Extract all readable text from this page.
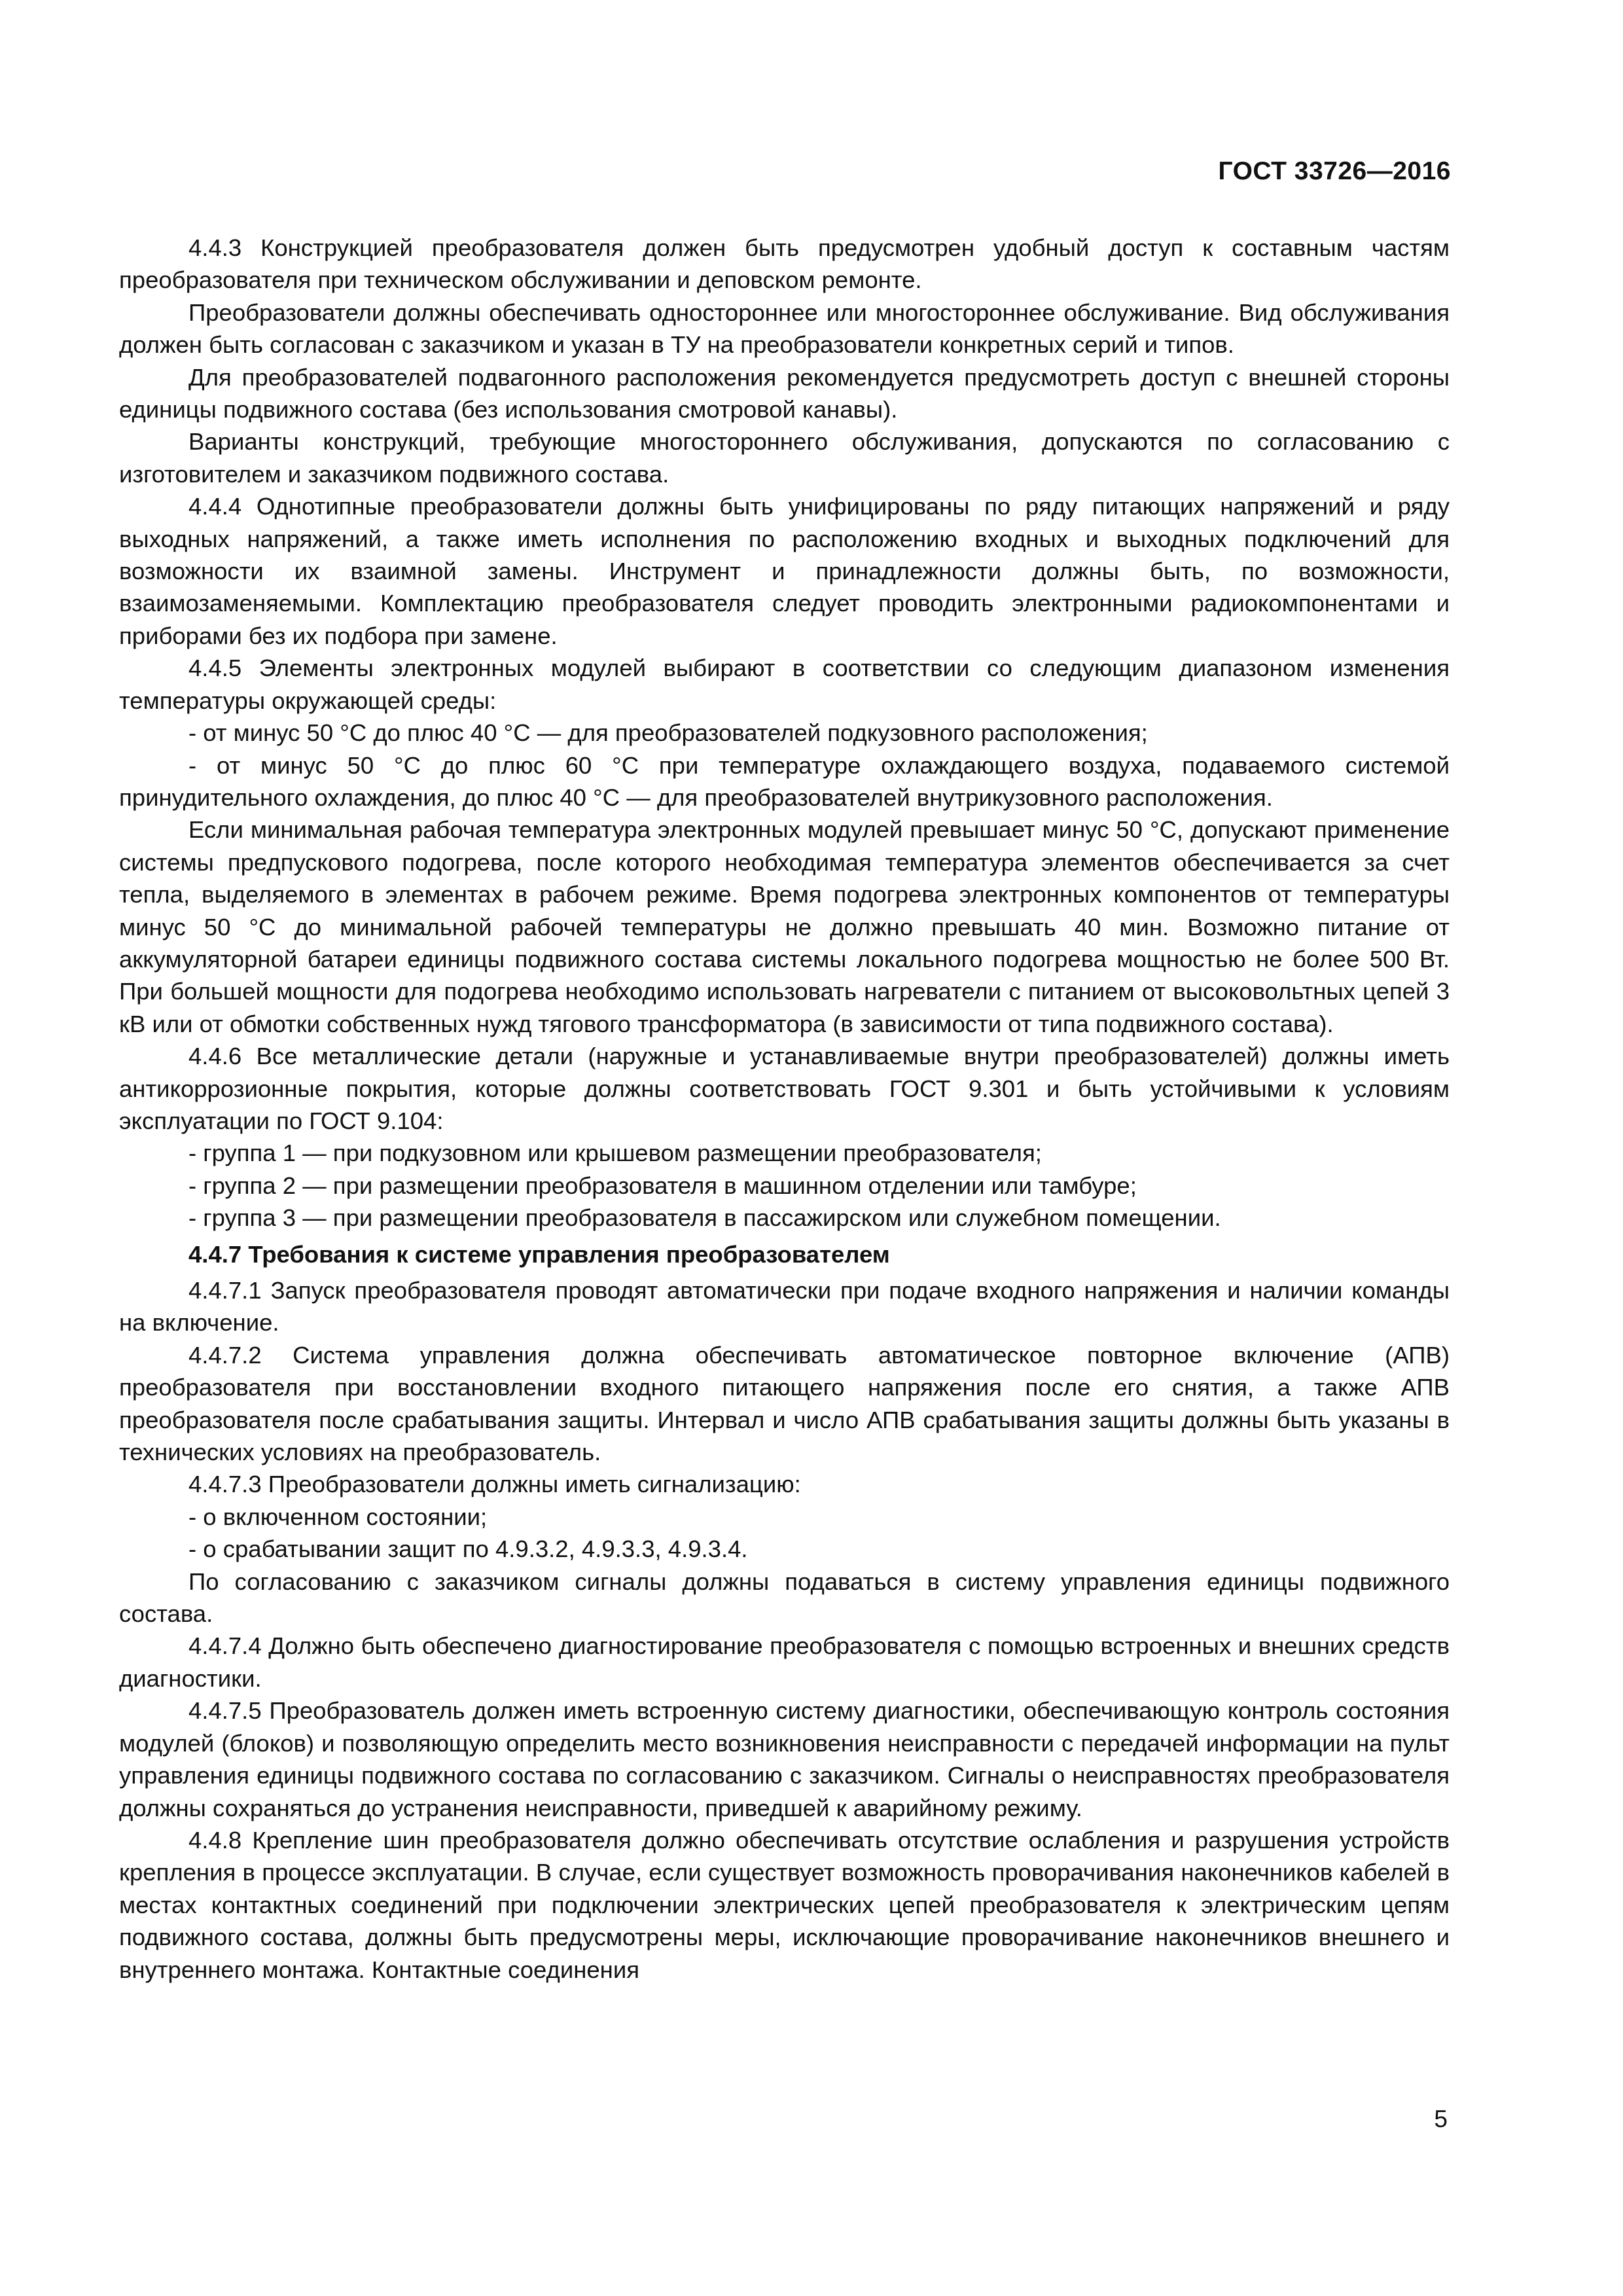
ГОСТ 33726—2016

4.4.3 Конструкцией преобразователя должен быть предусмотрен удобный доступ к составным частям преобразователя при техническом обслуживании и деповском ремонте.

Преобразователи должны обеспечивать одностороннее или многостороннее обслуживание. Вид обслуживания должен быть согласован с заказчиком и указан в ТУ на преобразователи конкретных серий и типов.

Для преобразователей подвагонного расположения рекомендуется предусмотреть доступ с внешней стороны единицы подвижного состава (без использования смотровой канавы).

Варианты конструкций, требующие многостороннего обслуживания, допускаются по согласованию с изготовителем и заказчиком подвижного состава.

4.4.4 Однотипные преобразователи должны быть унифицированы по ряду питающих напряжений и ряду выходных напряжений, а также иметь исполнения по расположению входных и выходных подключений для возможности их взаимной замены. Инструмент и принадлежности должны быть, по возможности, взаимозаменяемыми. Комплектацию преобразователя следует проводить электронными радиокомпонентами и приборами без их подбора при замене.

4.4.5 Элементы электронных модулей выбирают в соответствии со следующим диапазоном изменения температуры окружающей среды:

- от минус 50 °С до плюс 40 °С — для преобразователей подкузовного расположения;

- от минус 50 °С до плюс 60 °С при температуре охлаждающего воздуха, подаваемого системой принудительного охлаждения, до плюс 40 °С — для преобразователей внутрикузовного расположения.

Если минимальная рабочая температура электронных модулей превышает минус 50 °С, допускают применение системы предпускового подогрева, после которого необходимая температура элементов обеспечивается за счет тепла, выделяемого в элементах в рабочем режиме. Время подогрева электронных компонентов от температуры минус 50 °С до минимальной рабочей температуры не должно превышать 40 мин. Возможно питание от аккумуляторной батареи единицы подвижного состава системы локального подогрева мощностью не более 500 Вт. При большей мощности для подогрева необходимо использовать нагреватели с питанием от высоковольтных цепей 3 кВ или от обмотки собственных нужд тягового трансформатора (в зависимости от типа подвижного состава).

4.4.6 Все металлические детали (наружные и устанавливаемые внутри преобразователей) должны иметь антикоррозионные покрытия, которые должны соответствовать ГОСТ 9.301 и быть устойчивыми к условиям эксплуатации по ГОСТ 9.104:

- группа 1 — при подкузовном или крышевом размещении преобразователя;

- группа 2 — при размещении преобразователя в машинном отделении или тамбуре;

- группа 3 — при размещении преобразователя в пассажирском или служебном помещении.

4.4.7 Требования к системе управления преобразователем

4.4.7.1 Запуск преобразователя проводят автоматически при подаче входного напряжения и наличии команды на включение.

4.4.7.2 Система управления должна обеспечивать автоматическое повторное включение (АПВ) преобразователя при восстановлении входного питающего напряжения после его снятия, а также АПВ преобразователя после срабатывания защиты. Интервал и число АПВ срабатывания защиты должны быть указаны в технических условиях на преобразователь.

4.4.7.3 Преобразователи должны иметь сигнализацию:

- о включенном состоянии;

- о срабатывании защит по 4.9.3.2, 4.9.3.3, 4.9.3.4.

По согласованию с заказчиком сигналы должны подаваться в систему управления единицы подвижного состава.

4.4.7.4 Должно быть обеспечено диагностирование преобразователя с помощью встроенных и внешних средств диагностики.

4.4.7.5 Преобразователь должен иметь встроенную систему диагностики, обеспечивающую контроль состояния модулей (блоков) и позволяющую определить место возникновения неисправности с передачей информации на пульт управления единицы подвижного состава по согласованию с заказчиком. Сигналы о неисправностях преобразователя должны сохраняться до устранения неисправности, приведшей к аварийному режиму.

4.4.8 Крепление шин преобразователя должно обеспечивать отсутствие ослабления и разрушения устройств крепления в процессе эксплуатации. В случае, если существует возможность проворачивания наконечников кабелей в местах контактных соединений при подключении электрических цепей преобразователя к электрическим цепям подвижного состава, должны быть предусмотрены меры, исключающие проворачивание наконечников внешнего и внутреннего монтажа. Контактные соединения

5
